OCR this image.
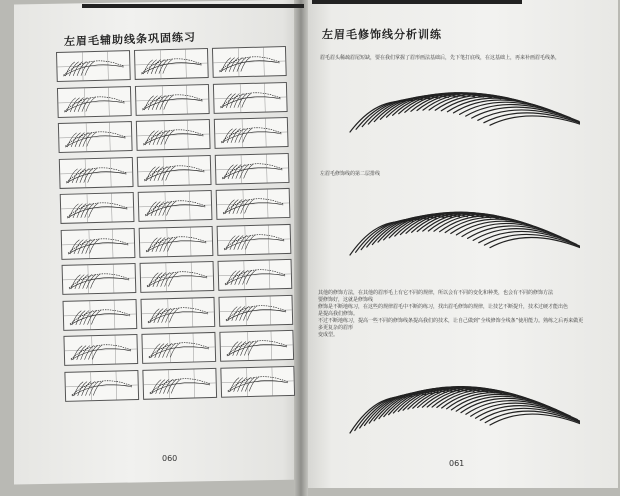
左眉毛辅助线条巩固练习
060
左眉毛修饰线分析训练
眉毛眉头稀疏眉尾短缺，要在我们掌握了眉形画法基础后，先下笔打底线，在这基础上，再来补画眉毛线条，
左眉毛修饰线的第二层排线
其他的修饰方法，在其他的眉形毛上有它不同的规律，所以会有不同的变化和种类，也会有不同的修饰方法
要修饰好，这就是修饰线
修饰是不断地练习，在这些的规律眉毛中不断的练习，找出眉毛修饰的规律，让技艺不断提升，技术过硬才能出色
是提高我们修饰。
不过不断地练习，提高一些不同的修饰线条提高我们的技术，让自己做到“全线修饰全线条”使用能力。熟练之后再来做更多更复杂的眉形
变成型。
061
